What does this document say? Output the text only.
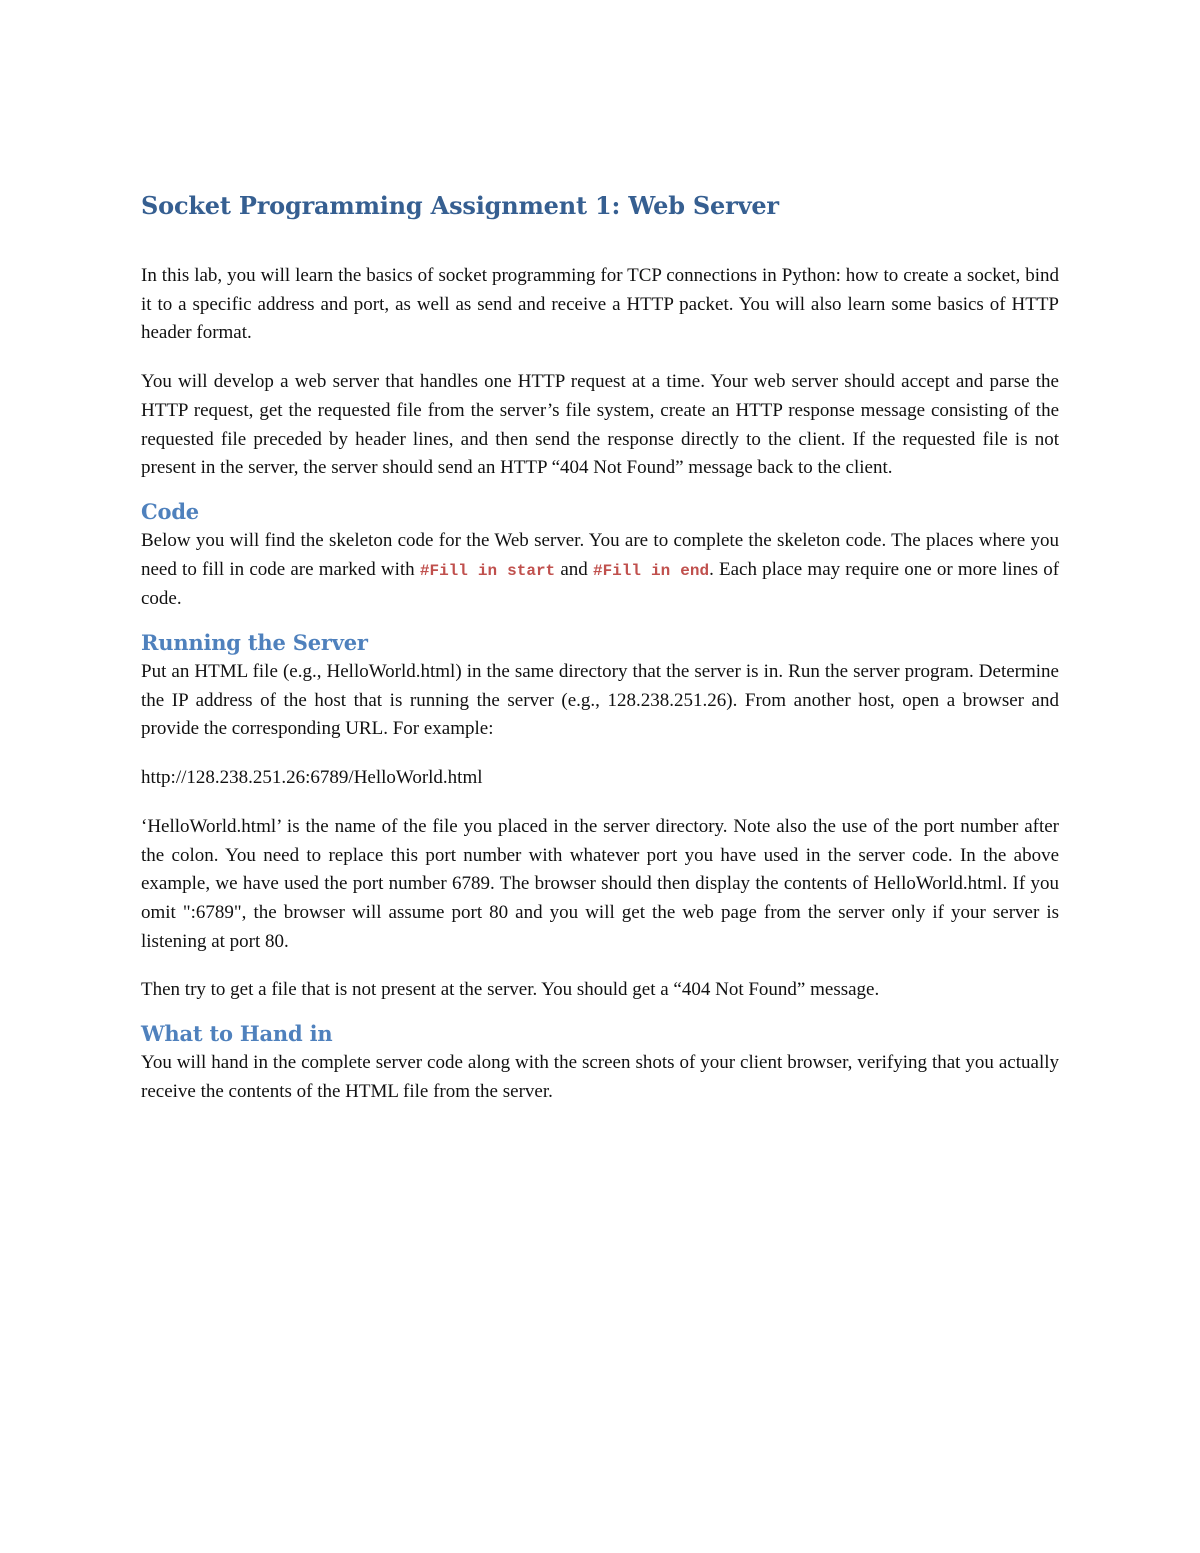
Socket Programming Assignment 1: Web Server

In this lab, you will learn the basics of socket programming for TCP connections in Python: how to create a socket, bind it to a specific address and port, as well as send and receive a HTTP packet. You will also learn some basics of HTTP header format.

You will develop a web server that handles one HTTP request at a time. Your web server should accept and parse the HTTP request, get the requested file from the server’s file system, create an HTTP response message consisting of the requested file preceded by header lines, and then send the response directly to the client. If the requested file is not present in the server, the server should send an HTTP “404 Not Found” message back to the client.

Code

Below you will find the skeleton code for the Web server. You are to complete the skeleton code. The places where you need to fill in code are marked with #Fill in start and #Fill in end. Each place may require one or more lines of code.

Running the Server

Put an HTML file (e.g., HelloWorld.html) in the same directory that the server is in. Run the server program. Determine the IP address of the host that is running the server (e.g., 128.238.251.26). From another host, open a browser and provide the corresponding URL. For example:

http://128.238.251.26:6789/HelloWorld.html

‘HelloWorld.html’ is the name of the file you placed in the server directory. Note also the use of the port number after the colon. You need to replace this port number with whatever port you have used in the server code. In the above example, we have used the port number 6789. The browser should then display the contents of HelloWorld.html. If you omit ":6789", the browser will assume port 80 and you will get the web page from the server only if your server is listening at port 80.

Then try to get a file that is not present at the server. You should get a “404 Not Found” message.

What to Hand in

You will hand in the complete server code along with the screen shots of your client browser, verifying that you actually receive the contents of the HTML file from the server.
